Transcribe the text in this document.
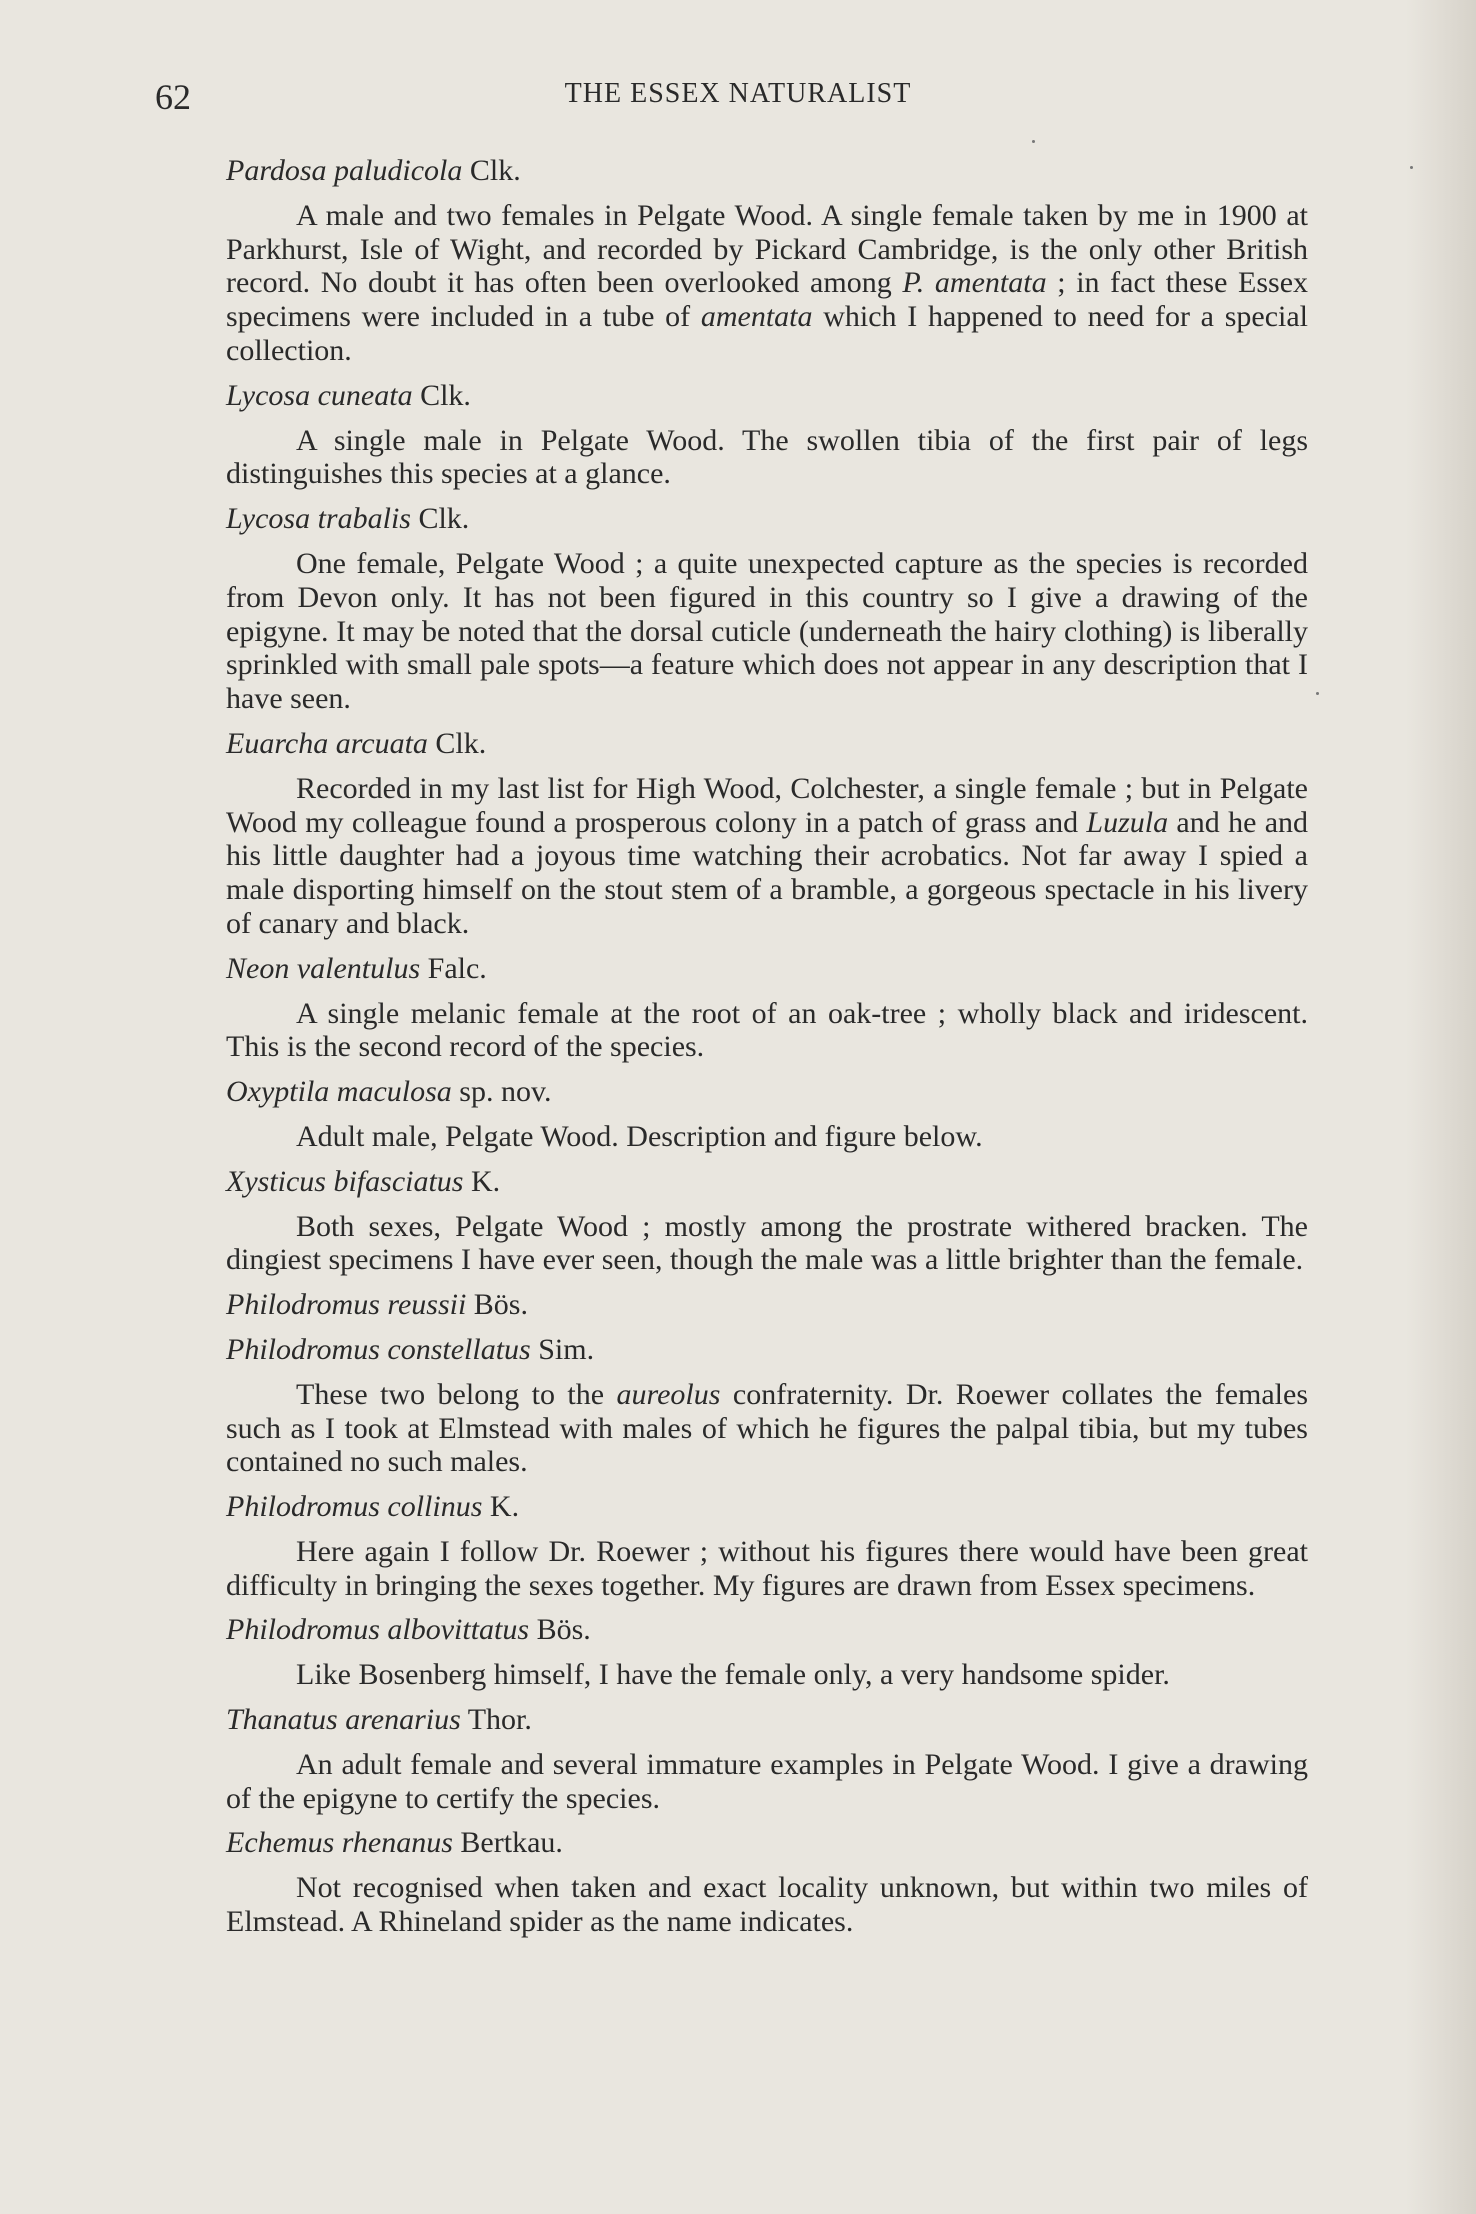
62	THE ESSEX NATURALIST

Pardosa paludicola Clk.

A male and two females in Pelgate Wood. A single female taken by me in 1900 at Parkhurst, Isle of Wight, and recorded by Pickard Cambridge, is the only other British record. No doubt it has often been overlooked among P. amentata ; in fact these Essex specimens were included in a tube of amentata which I happened to need for a special collection.

Lycosa cuneata Clk.

A single male in Pelgate Wood. The swollen tibia of the first pair of legs distinguishes this species at a glance.

Lycosa trabalis Clk.

One female, Pelgate Wood ; a quite unexpected capture as the species is recorded from Devon only. It has not been figured in this country so I give a drawing of the epigyne. It may be noted that the dorsal cuticle (underneath the hairy clothing) is liberally sprinkled with small pale spots—a feature which does not appear in any description that I have seen.

Euarcha arcuata Clk.

Recorded in my last list for High Wood, Colchester, a single female ; but in Pelgate Wood my colleague found a prosperous colony in a patch of grass and Luzula and he and his little daughter had a joyous time watching their acrobatics. Not far away I spied a male disporting himself on the stout stem of a bramble, a gorgeous spectacle in his livery of canary and black.

Neon valentulus Falc.

A single melanic female at the root of an oak-tree ; wholly black and iridescent. This is the second record of the species.

Oxyptila maculosa sp. nov.

Adult male, Pelgate Wood. Description and figure below.

Xysticus bifasciatus K.

Both sexes, Pelgate Wood ; mostly among the prostrate withered bracken. The dingiest specimens I have ever seen, though the male was a little brighter than the female.

Philodromus reussii Bös.

Philodromus constellatus Sim.

These two belong to the aureolus confraternity. Dr. Roewer collates the females such as I took at Elmstead with males of which he figures the palpal tibia, but my tubes contained no such males.

Philodromus collinus K.

Here again I follow Dr. Roewer ; without his figures there would have been great difficulty in bringing the sexes together. My figures are drawn from Essex specimens.

Philodromus albovittatus Bös.

Like Bosenberg himself, I have the female only, a very handsome spider.

Thanatus arenarius Thor.

An adult female and several immature examples in Pelgate Wood. I give a drawing of the epigyne to certify the species.

Echemus rhenanus Bertkau.

Not recognised when taken and exact locality unknown, but within two miles of Elmstead. A Rhineland spider as the name indicates.
